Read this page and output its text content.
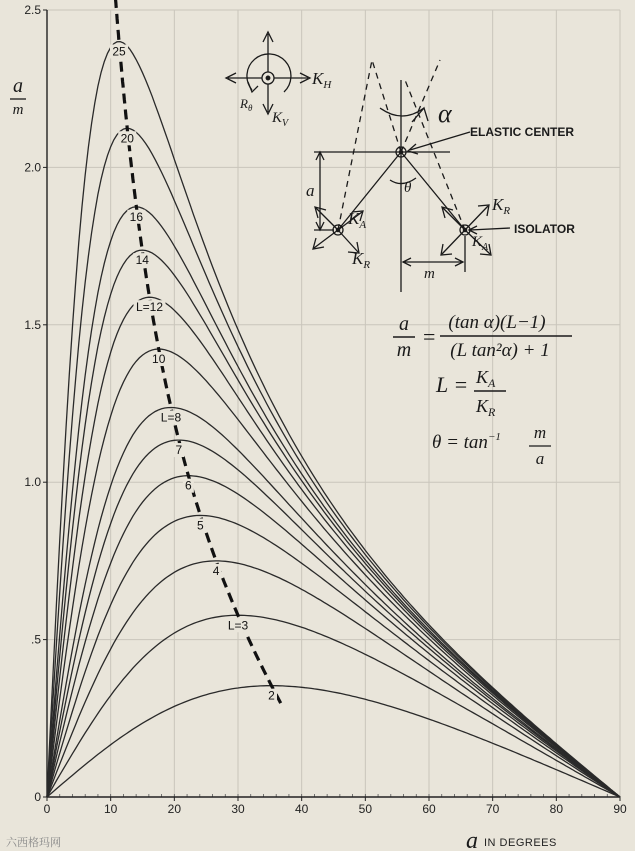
2
L=3
4
5
6
7
L=8
10
L=12
14
16
20
25
0	10	20	30	40	50	60	70	80	90
0
.5
1.0
1.5
2.0
2.5
a
m
a IN DEGREES
$K_H$
$R_\theta$
$K_V$	α
ELASTIC CENTER
θ
a
m
$K_A$
$K_R$
$K_R$
$K_A$
ISOLATOR
a
m
=
(tan α)(L−1)
(L tan²α) + 1
$L = K_A$
$K_R$
$\theta = \tan^{-1} m$
a
六西格玛网
